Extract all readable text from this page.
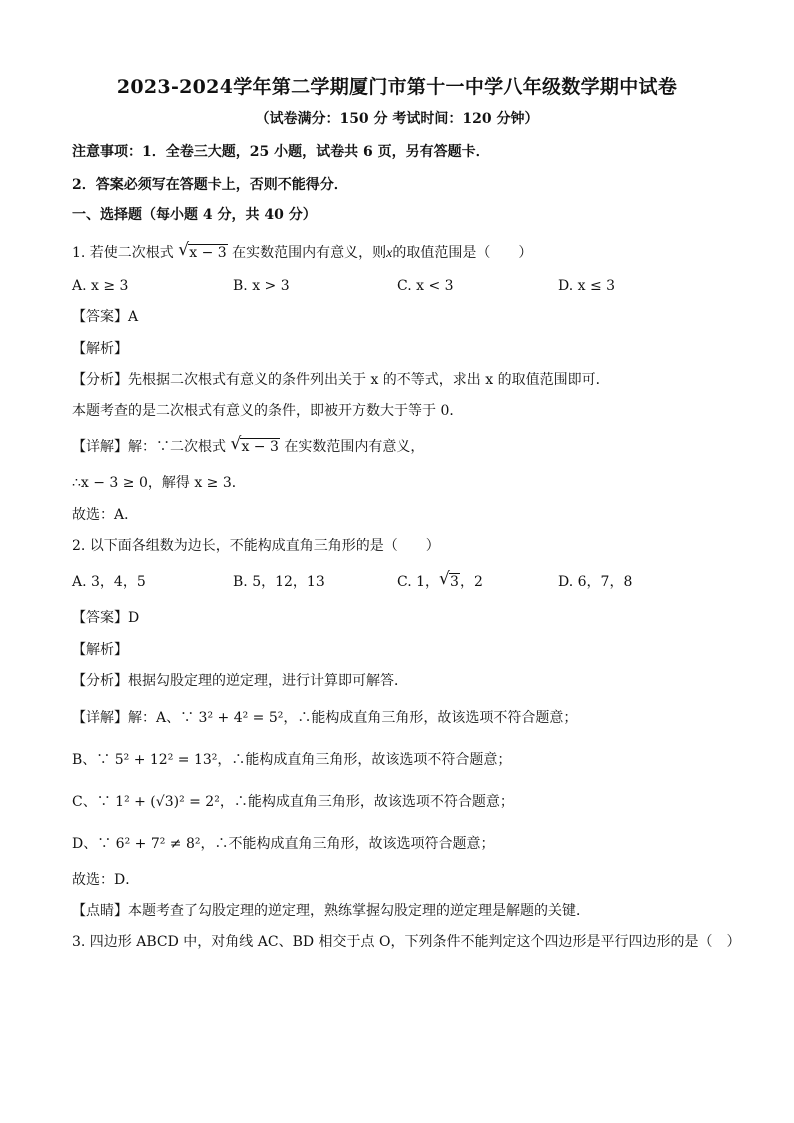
2023-2024学年第二学期厦门市第十一中学八年级数学期中试卷
（试卷满分：150 分 考试时间：120 分钟）
注意事项：1．全卷三大题，25 小题，试卷共 6 页，另有答题卡．
2．答案必须写在答题卡上，否则不能得分．
一、选择题（每小题 4 分，共 40 分）
1. 若使二次根式 √ x − 3 在实数范围内有意义，则x的取值范围是（　　）
A. x ≥ 3	B. x > 3	C. x < 3	D. x ≤ 3
【答案】A
【解析】
【分析】先根据二次根式有意义的条件列出关于 x 的不等式，求出 x 的取值范围即可．
本题考查的是二次根式有意义的条件，即被开方数大于等于 0．
【详解】解：∵二次根式 √ x − 3 在实数范围内有意义，
∴x − 3 ≥ 0，解得 x ≥ 3．
故选：A．
2. 以下面各组数为边长，不能构成直角三角形的是（　　）
A. 3，4，5	B. 5，12，13	C. 1， √ 3，2	D. 6，7，8
【答案】D
【解析】
【分析】根据勾股定理的逆定理，进行计算即可解答．
【详解】解：A、∵ 3² + 4² = 5²，∴能构成直角三角形，故该选项不符合题意；
B、∵ 5² + 12² = 13²，∴能构成直角三角形，故该选项不符合题意；
C、∵ 1² + (√3)² = 2²，∴能构成直角三角形，故该选项不符合题意；
D、∵ 6² + 7² ≠ 8²，∴不能构成直角三角形，故该选项符合题意；
故选：D．
【点睛】本题考查了勾股定理的逆定理，熟练掌握勾股定理的逆定理是解题的关键．
3. 四边形 ABCD 中，对角线 AC、BD 相交于点 O，下列条件不能判定这个四边形是平行四边形的是（　）
